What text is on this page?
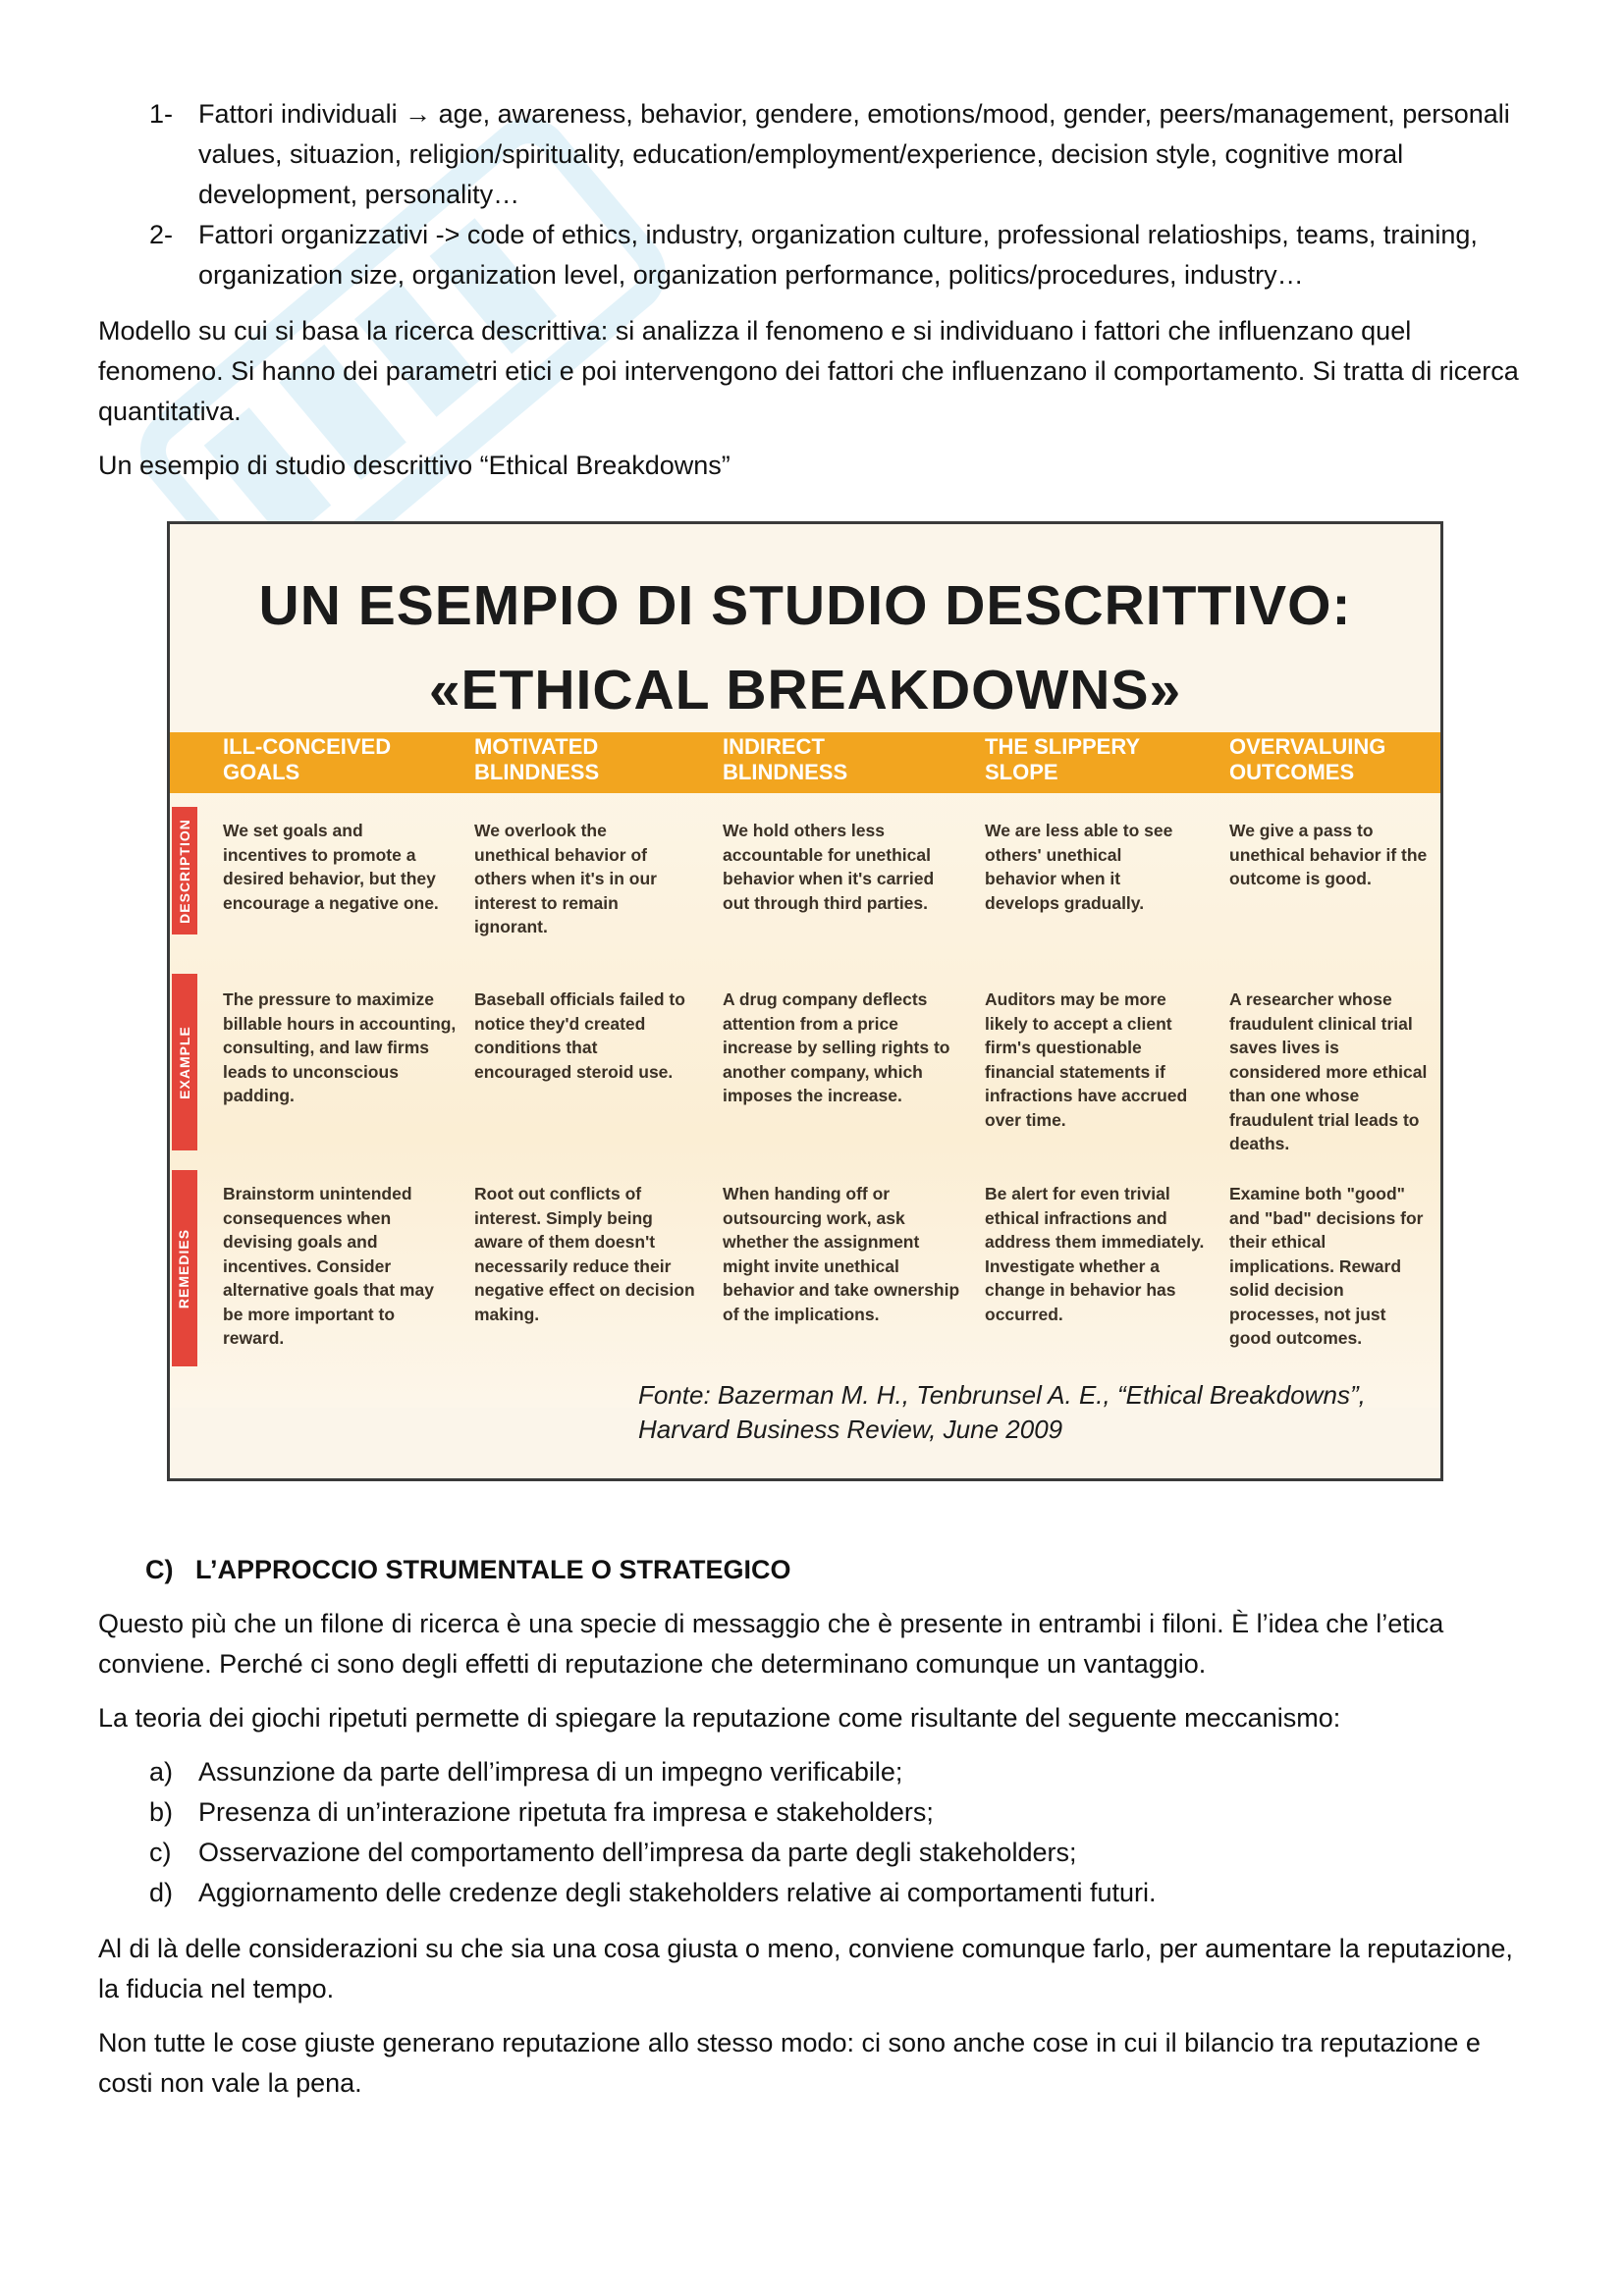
1- Fattori individuali → age, awareness, behavior, gendere, emotions/mood, gender, peers/management, personali values, situazion, religion/spirituality, education/employment/experience, decision style, cognitive moral development, personality…
2- Fattori organizzativi -> code of ethics, industry, organization culture, professional relatioships, teams, training, organization size, organization level, organization performance, politics/procedures, industry…

Modello su cui si basa la ricerca descrittiva: si analizza il fenomeno e si individuano i fattori che influenzano quel fenomeno. Si hanno dei parametri etici e poi intervengono dei fattori che influenzano il comportamento. Si tratta di ricerca quantitativa.

Un esempio di studio descrittivo “Ethical Breakdowns”

UN ESEMPIO DI STUDIO DESCRITTIVO:
«ETHICAL BREAKDOWNS»
ILL-CONCEIVED
GOALS
MOTIVATED
BLINDNESS
INDIRECT
BLINDNESS
THE SLIPPERY
SLOPE
OVERVALUING
OUTCOMES
DESCRIPTION
EXAMPLE
REMEDIES
We set goals and incentives to promote a desired behavior, but they encourage a negative one.
We overlook the unethical behavior of others when it's in our interest to remain ignorant.
We hold others less accountable for unethical behavior when it's carried out through third parties.
We are less able to see others' unethical behavior when it develops gradually.
We give a pass to unethical behavior if the outcome is good.
The pressure to maximize billable hours in accounting, consulting, and law firms leads to unconscious padding.
Baseball officials failed to notice they'd created conditions that encouraged steroid use.
A drug company deflects attention from a price increase by selling rights to another company, which imposes the increase.
Auditors may be more likely to accept a client firm's questionable financial statements if infractions have accrued over time.
A researcher whose fraudulent clinical trial saves lives is considered more ethical than one whose fraudulent trial leads to deaths.
Brainstorm unintended consequences when devising goals and incentives. Consider alternative goals that may be more important to reward.
Root out conflicts of interest. Simply being aware of them doesn't necessarily reduce their negative effect on decision making.
When handing off or outsourcing work, ask whether the assignment might invite unethical behavior and take ownership of the implications.
Be alert for even trivial ethical infractions and address them immediately. Investigate whether a change in behavior has occurred.
Examine both "good" and "bad" decisions for their ethical implications. Reward solid decision processes, not just good outcomes.
Fonte: Bazerman M. H., Tenbrunsel A. E., “Ethical Breakdowns”,
Harvard Business Review, June 2009
C) L’APPROCCIO STRUMENTALE O STRATEGICO

Questo più che un filone di ricerca è una specie di messaggio che è presente in entrambi i filoni. È l’idea che l’etica conviene. Perché ci sono degli effetti di reputazione che determinano comunque un vantaggio.

La teoria dei giochi ripetuti permette di spiegare la reputazione come risultante del seguente meccanismo:

a) Assunzione da parte dell’impresa di un impegno verificabile;
b) Presenza di un’interazione ripetuta fra impresa e stakeholders;
c) Osservazione del comportamento dell’impresa da parte degli stakeholders;
d) Aggiornamento delle credenze degli stakeholders relative ai comportamenti futuri.

Al di là delle considerazioni su che sia una cosa giusta o meno, conviene comunque farlo, per aumentare la reputazione, la fiducia nel tempo.

Non tutte le cose giuste generano reputazione allo stesso modo: ci sono anche cose in cui il bilancio tra reputazione e costi non vale la pena.
